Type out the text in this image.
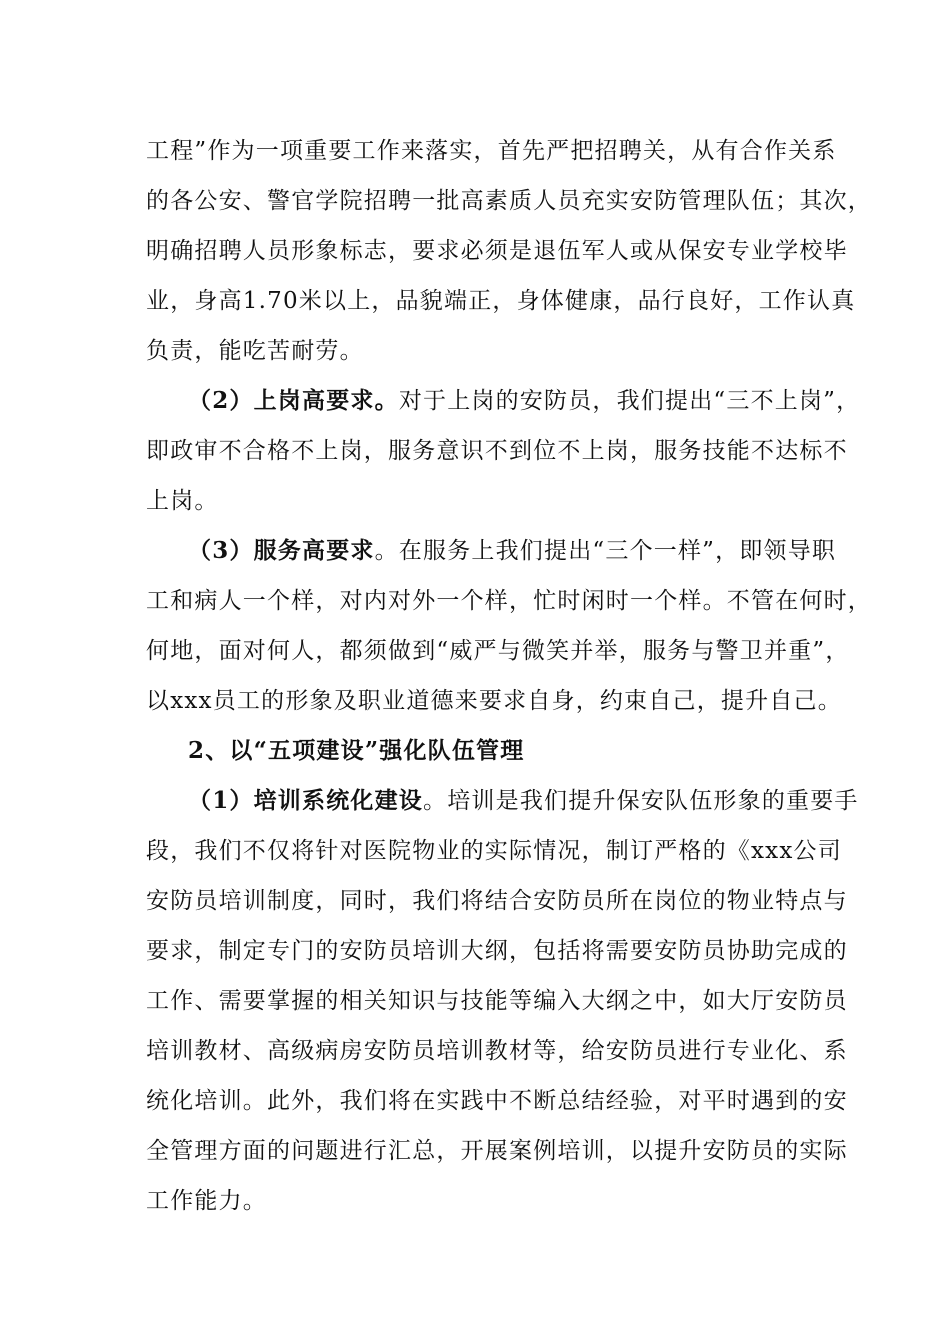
工程”作为一项重要工作来落实，首先严把招聘关，从有合作关系
的各公安、警官学院招聘一批高素质人员充实安防管理队伍；其次，
明确招聘人员形象标志，要求必须是退伍军人或从保安专业学校毕
业，身高1.70米以上，品貌端正，身体健康，品行良好，工作认真
负责，能吃苦耐劳。
（2）上岗高要求。对于上岗的安防员，我们提出“三不上岗”，
即政审不合格不上岗，服务意识不到位不上岗，服务技能不达标不
上岗。
（3）服务高要求。在服务上我们提出“三个一样”，即领导职
工和病人一个样，对内对外一个样，忙时闲时一个样。不管在何时，
何地，面对何人，都须做到“威严与微笑并举，服务与警卫并重”，
以xxx员工的形象及职业道德来要求自身，约束自己，提升自己。
2、以“五项建设”强化队伍管理
（1）培训系统化建设。培训是我们提升保安队伍形象的重要手
段，我们不仅将针对医院物业的实际情况，制订严格的《xxx公司
安防员培训制度，同时，我们将结合安防员所在岗位的物业特点与
要求，制定专门的安防员培训大纲，包括将需要安防员协助完成的
工作、需要掌握的相关知识与技能等编入大纲之中，如大厅安防员
培训教材、高级病房安防员培训教材等，给安防员进行专业化、系
统化培训。此外，我们将在实践中不断总结经验，对平时遇到的安
全管理方面的问题进行汇总，开展案例培训，以提升安防员的实际
工作能力。
